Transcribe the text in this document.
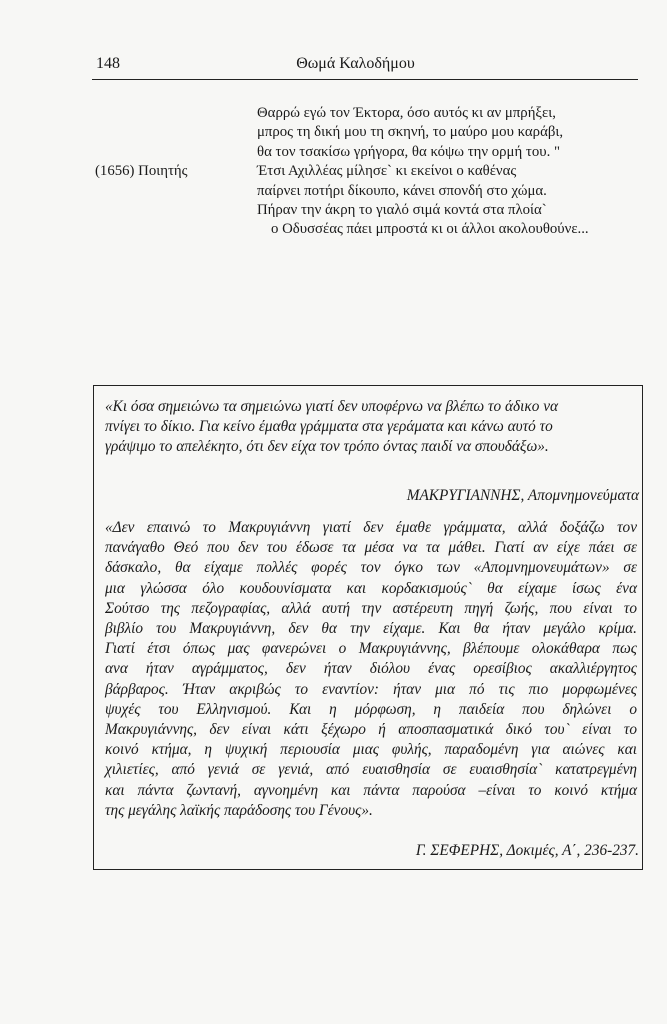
148	Θωμά Καλοδήμου
Θαρρώ εγώ τον Έκτορα, όσο αυτός κι αν μπρήξει,
μπρος τη δική μου τη σκηνή, το μαύρο μου καράβι,
θα τον τσακίσω γρήγορα, θα κόψω την ορμή του. "
Έτσι Αχιλλέας μίλησε` κι εκείνοι ο καθένας
παίρνει ποτήρι δίκουπο, κάνει σπονδή στο χώμα.
Πήραν την άκρη το γιαλό σιμά κοντά στα πλοία`
ο Οδυσσέας πάει μπροστά κι οι άλλοι ακολουθούνε...
(1656) Ποιητής
«Κι όσα σημειώνω τα σημειώνω γιατί δεν υποφέρνω να βλέπω το άδικο να
πνίγει το δίκιο. Για κείνο έμαθα γράμματα στα γεράματα και κάνω αυτό το
γράψιμο το απελέκητο, ότι δεν είχα τον τρόπο όντας παιδί να σπουδάξω».
ΜΑΚΡΥΓΙΑΝΝΗΣ, Απομνημονεύματα
«Δεν επαινώ το Μακρυγιάννη γιατί δεν έμαθε γράμματα, αλλά δοξάζω τον
πανάγαθο Θεό που δεν του έδωσε τα μέσα να τα μάθει. Γιατί αν είχε πάει σε
δάσκαλο, θα είχαμε πολλές φορές τον όγκο των «Απομνημονευμάτων» σε
μια γλώσσα όλο κουδουνίσματα και κορδακισμούς` θα είχαμε ίσως ένα
Σούτσο της πεζογραφίας, αλλά αυτή την αστέρευτη πηγή ζωής, που είναι το
βιβλίο του Μακρυγιάννη, δεν θα την είχαμε. Και θα ήταν μεγάλο κρίμα.
Γιατί έτσι όπως μας φανερώνει ο Μακρυγιάννης, βλέπουμε ολοκάθαρα πως
ανα ήταν αγράμματος, δεν ήταν διόλου ένας ορεσίβιος ακαλλιέργητος
βάρβαρος. Ήταν ακριβώς το εναντίον: ήταν μια πό τις πιο μορφωμένες
ψυχές του Ελληνισμού. Και η μόρφωση, η παιδεία που δηλώνει ο
Μακρυγιάννης, δεν είναι κάτι ξέχωρο ή αποσπασματικά δικό του` είναι το
κοινό κτήμα, η ψυχική περιουσία μιας φυλής, παραδομένη για αιώνες και
χιλιετίες, από γενιά σε γενιά, από ευαισθησία σε ευαισθησία` κατατρεγμένη
και πάντα ζωντανή, αγνοημένη και πάντα παρούσα –είναι το κοινό κτήμα
της μεγάλης λαϊκής παράδοσης του Γένους».
Γ. ΣΕΦΕΡΗΣ, Δοκιμές, Α΄, 236-237.
